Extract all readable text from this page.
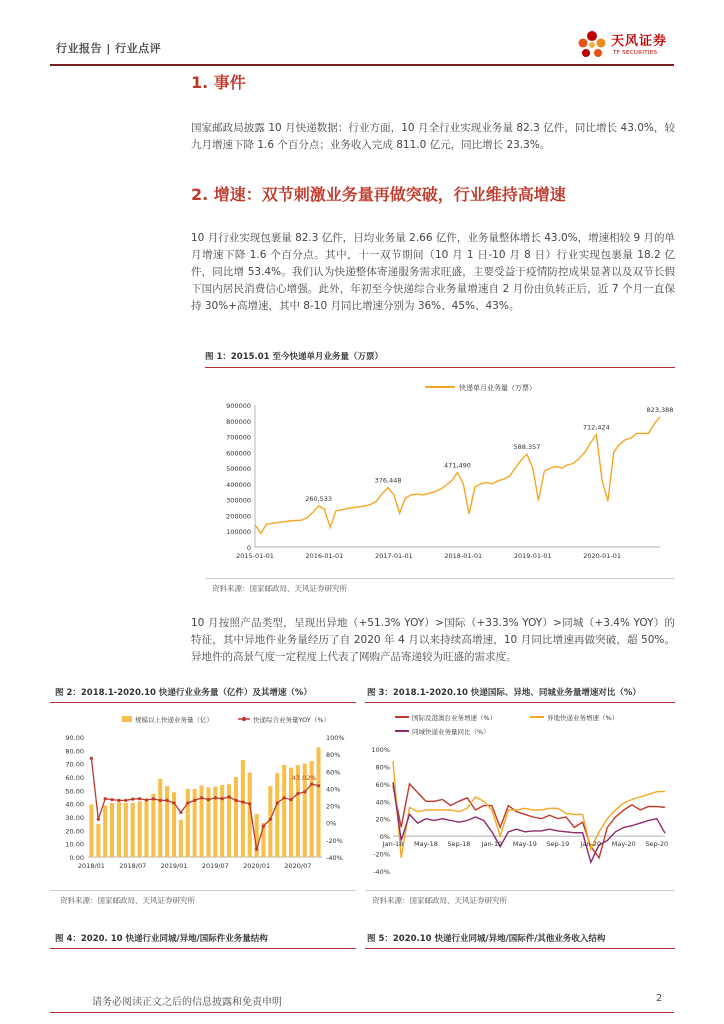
行业报告 | 行业点评	天风证券
TF SECURITIES
1. 事件
国家邮政局披露 10 月快递数据：行业方面，10 月全行业实现业务量 82.3 亿件，同比增长 43.0%，较九月增速下降 1.6 个百分点；业务收入完成 811.0 亿元，同比增长 23.3%。
2. 增速：双节刺激业务量再做突破，行业维持高增速
10 月行业实现包裹量 82.3 亿件，日均业务量 2.66 亿件，业务量整体增长 43.0%，增速相较 9 月的单月增速下降 1.6 个百分点。其中，十一双节期间（10 月 1 日-10 月 8 日）行业实现包裹量 18.2 亿件，同比增 53.4%。我们认为快递整体寄递服务需求旺盛，主要受益于疫情防控成果显著以及双节长假下国内居民消费信心增强。此外，年初至今快递综合业务量增速自 2 月份由负转正后，近 7 个月一直保持 30%+高增速，其中 8-10 月同比增速分别为 36%、45%、43%。
图 1：2015.01 至今快递单月业务量（万票）
快递单月业务量（万票）
900000
800000
700000
600000
500000
400000
300000
200000
100000
0
2015-01-01	2016-01-01	2017-01-01	2018-01-01	2019-01-01	2020-01-01
260,533
376,448
471,490
588,357
712,424
823,388
资料来源：国家邮政局，天风证券研究所
10 月按照产品类型，呈现出异地（+51.3% YOY）>国际（+33.3% YOY）>同城（+3.4% YOY）的特征，其中异地件业务量经历了自 2020 年 4 月以来持续高增速，10 月同比增速再做突破，超 50%。异地件的高景气度一定程度上代表了网购产品寄递较为旺盛的需求度。
图 2：2018.1-2020.10 快递行业业务量（亿件）及其增速（%）
规模以上快递业务量（亿）	快递综合业务量YOY（%）
90.00
80.00
70.00
60.00
50.00
40.00
30.00
20.00
10.00
0.00
100%
80%
60%
40%
20%
0%
-20%
-40%
43.02%
2018/01 2018/07 2019/01 2019/07 2020/01 2020/07
资料来源：国家邮政局，天风证券研究所
图 3：2018.1-2020.10 快递国际、异地、同城业务量增速对比（%）
国际及港澳台业务增速（%）	异地快递业务增速（%）
同城快递业务量同比（%）
100%
80%
60%
40%
20%
0%
-20%
-40%
Jan-18 May-18 Sep-18 Jan-19 May-19 Sep-19 Jan-20 May-20 Sep-20
资料来源：国家邮政局，天风证券研究所
图 4：2020. 10 快递行业同城/异地/国际件业务量结构	图 5：2020.10 快递行业同城/异地/国际件/其他业务收入结构
请务必阅读正文之后的信息披露和免责申明	2
